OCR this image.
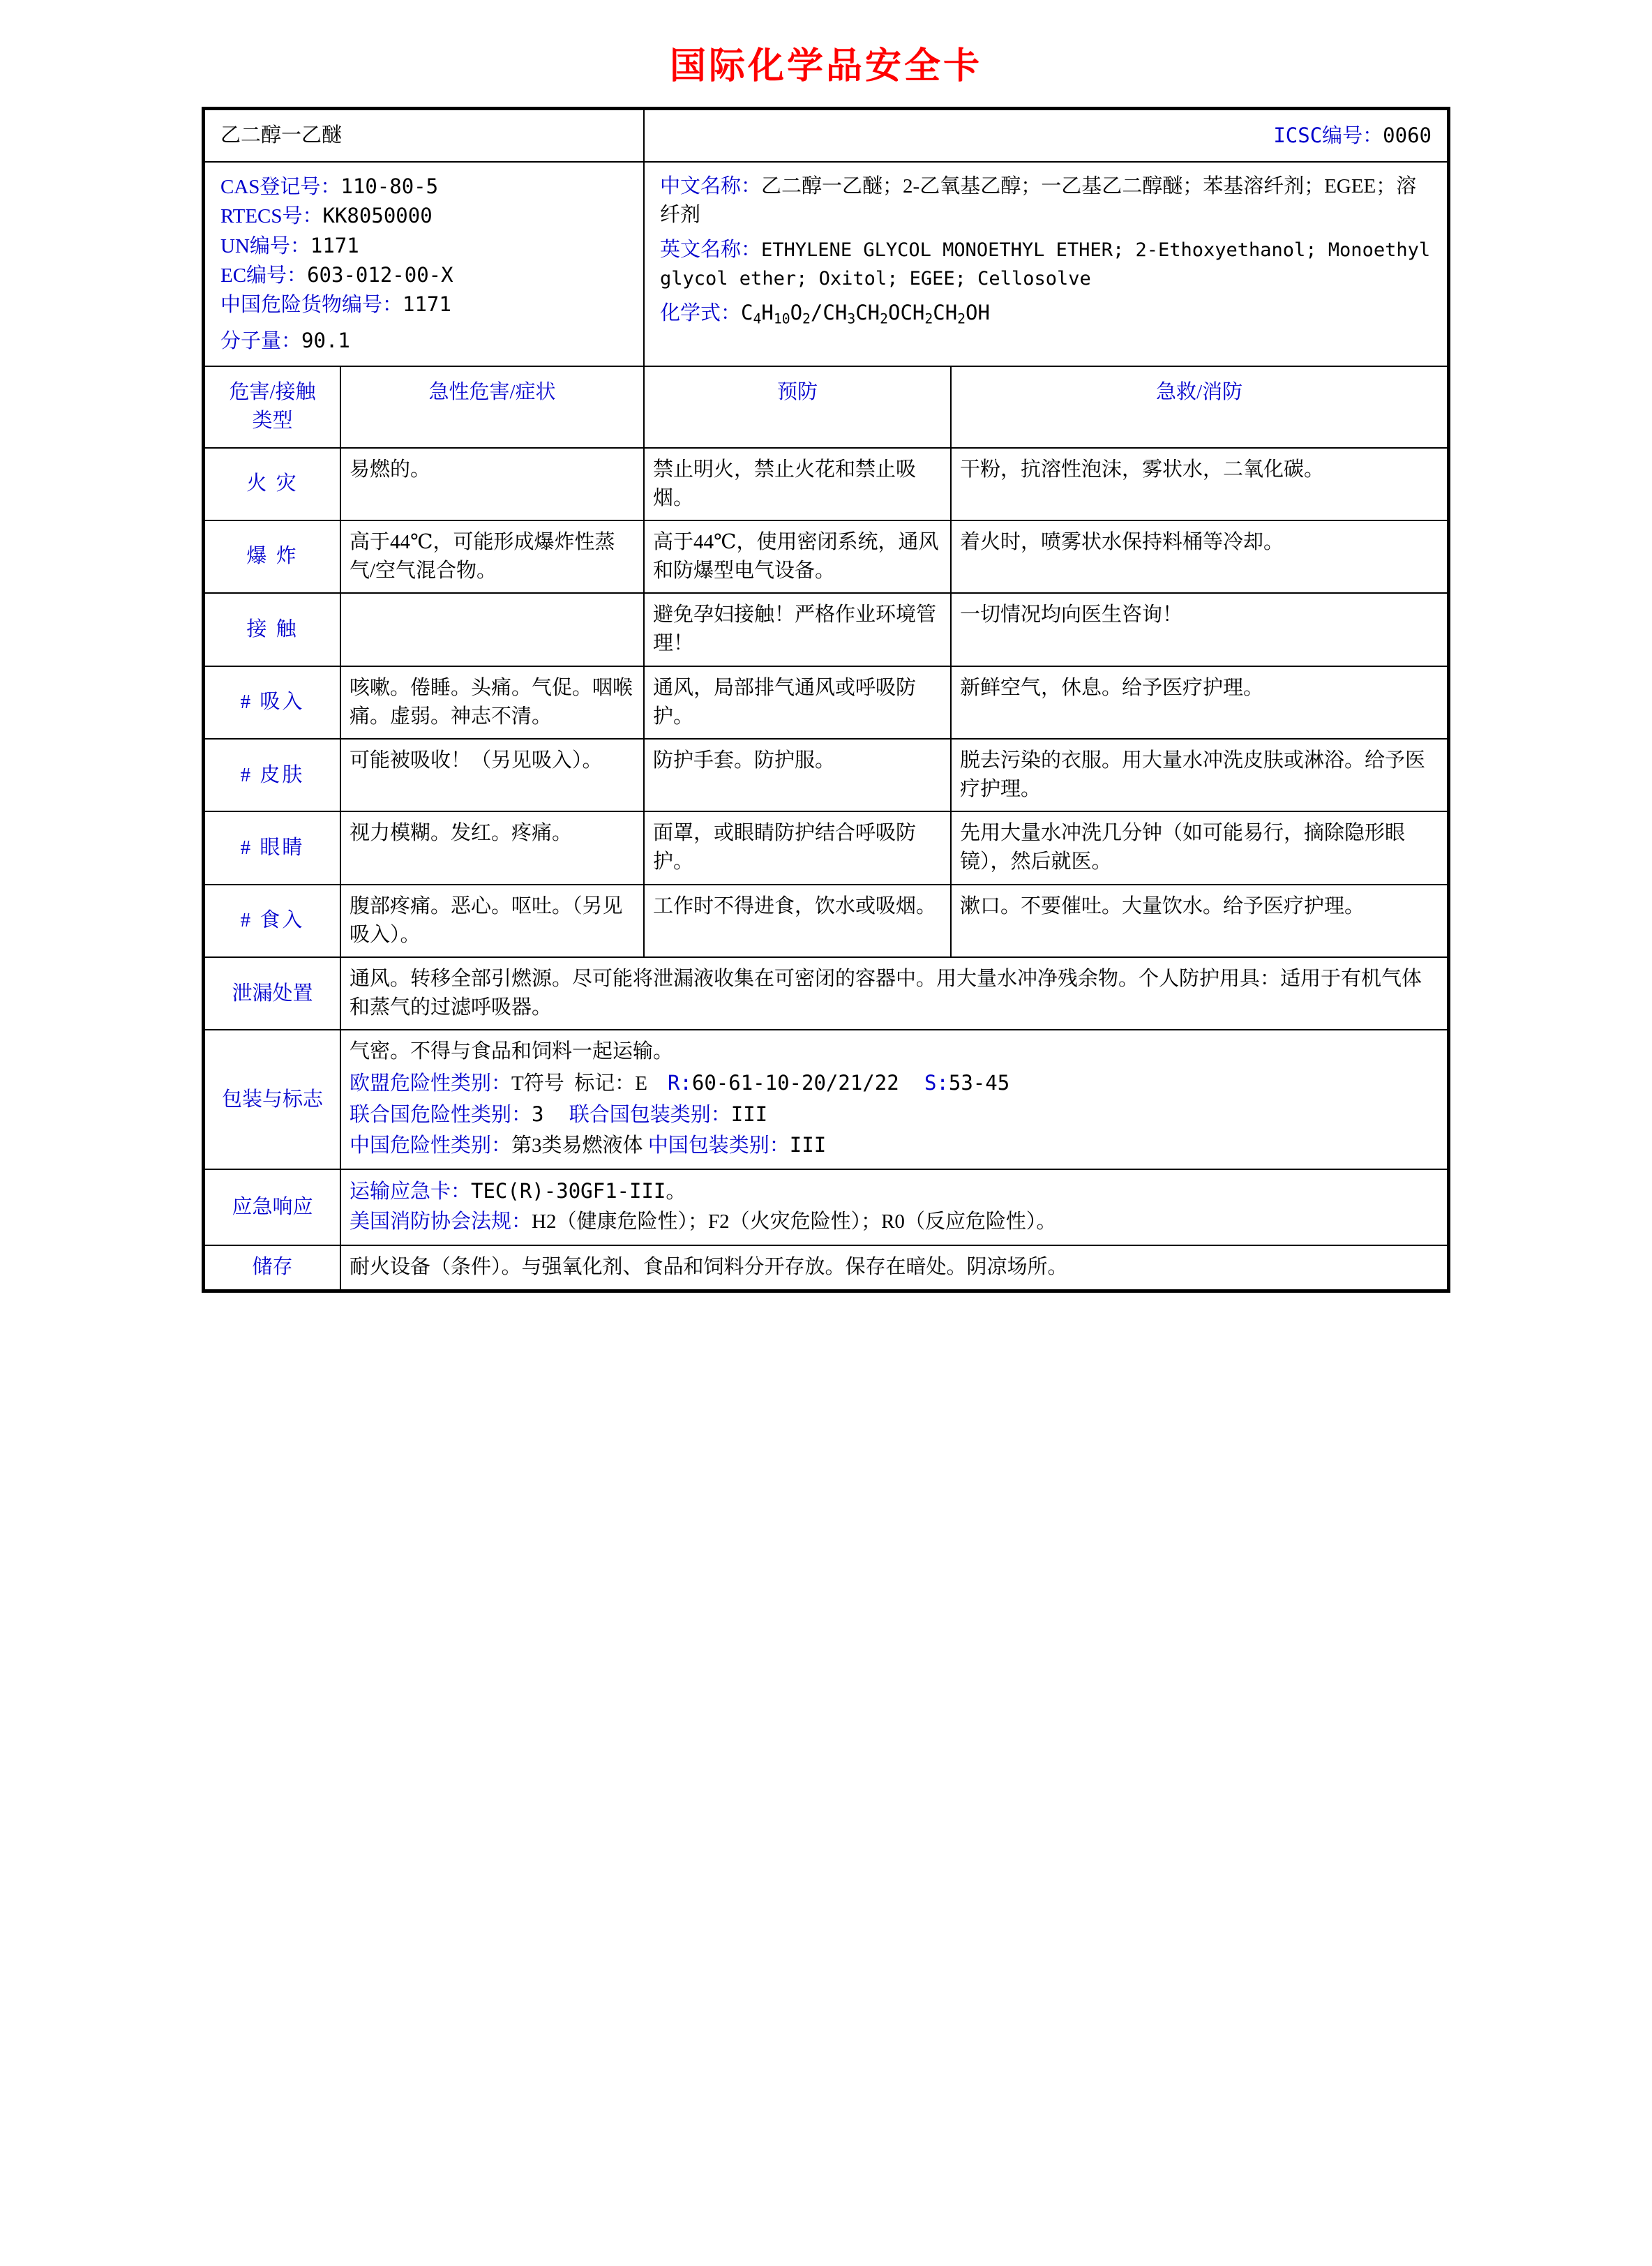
国际化学品安全卡
乙二醇一乙醚		ICSC编号：0060	

CAS登记号：110-80-5
RTECS号：KK8050000
UN编号：1171
EC编号：603-012-00-X
中国危险货物编号：1171
分子量：90.1

中文名称：乙二醇一乙醚；2-乙氧基乙醇；一乙基乙二醇醚；苯基溶纤剂；EGEE；溶纤剂
英文名称：ETHYLENE GLYCOL MONOETHYL ETHER; 2-Ethoxyethanol; Monoethyl glycol ether; Oxitol; EGEE; Cellosolve
化学式：$C_4H_{10}O_2/CH_3CH_2OCH_2CH_2OH$

危害/接触
类型	急性危害/症状	预防	急救/消防
火 灾	易燃的。	禁止明火，禁止火花和禁止吸烟。	干粉，抗溶性泡沫，雾状水，二氧化碳。
爆 炸	高于44℃，可能形成爆炸性蒸气/空气混合物。	高于44℃，使用密闭系统，通风和防爆型电气设备。	着火时，喷雾状水保持料桶等冷却。
接 触		避免孕妇接触！严格作业环境管理！	一切情况均向医生咨询！
# 吸入	咳嗽。倦睡。头痛。气促。咽喉痛。虚弱。神志不清。	通风，局部排气通风或呼吸防护。	新鲜空气，休息。给予医疗护理。
# 皮肤	可能被吸收！（另见吸入）。	防护手套。防护服。	脱去污染的衣服。用大量水冲洗皮肤或淋浴。给予医疗护理。
# 眼睛	视力模糊。发红。疼痛。	面罩，或眼睛防护结合呼吸防护。	先用大量水冲洗几分钟（如可能易行，摘除隐形眼镜），然后就医。
# 食入	腹部疼痛。恶心。呕吐。（另见吸入）。	工作时不得进食，饮水或吸烟。	漱口。不要催吐。大量饮水。给予医疗护理。
泄漏处置	通风。转移全部引燃源。尽可能将泄漏液收集在可密闭的容器中。用大量水冲净残余物。个人防护用具：适用于有机气体和蒸气的过滤呼吸器。		
包装与标志	气密。不得与食品和饲料一起运输。
欧盟危险性类别：T符号 标记：E R:60-61-10-20/21/22 S:53-45
联合国危险性类别：3 联合国包装类别：III
中国危险性类别：第3类易燃液体 中国包装类别：III		

应急响应	运输应急卡：TEC(R)-30GF1-III。
美国消防协会法规：H2（健康危险性）；F2（火灾危险性）；R0（反应危险性）。		

储存	耐火设备（条件）。与强氧化剂、食品和饲料分开存放。保存在暗处。阴凉场所。		
